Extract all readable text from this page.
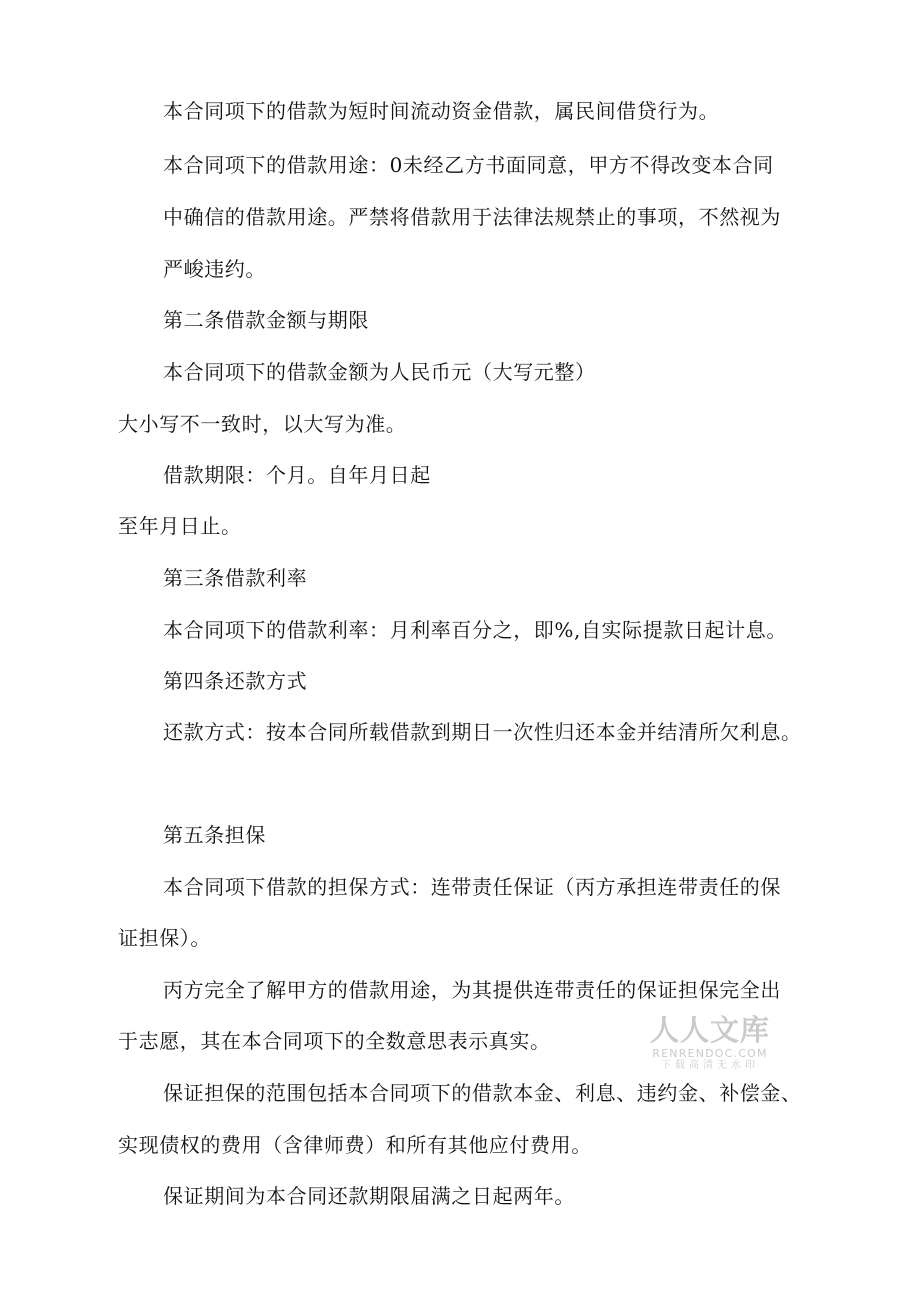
本合同项下的借款为短时间流动资金借款，属民间借贷行为。
本合同项下的借款用途：0未经乙方书面同意，甲方不得改变本合同
中确信的借款用途。严禁将借款用于法律法规禁止的事项，不然视为
严峻违约。
第二条借款金额与期限
本合同项下的借款金额为人民币元（大写元整）
大小写不一致时，以大写为准。
借款期限：个月。自年月日起
至年月日止。
第三条借款利率
本合同项下的借款利率：月利率百分之，即%,自实际提款日起计息。
第四条还款方式
还款方式：按本合同所载借款到期日一次性归还本金并结清所欠利息。
第五条担保
本合同项下借款的担保方式：连带责任保证（丙方承担连带责任的保
证担保）。
丙方完全了解甲方的借款用途，为其提供连带责任的保证担保完全出
于志愿，其在本合同项下的全数意思表示真实。
保证担保的范围包括本合同项下的借款本金、利息、违约金、补偿金、
实现债权的费用（含律师费）和所有其他应付费用。
保证期间为本合同还款期限届满之日起两年。
人人文库
RENRENDOC.COM
下载高清无水印
